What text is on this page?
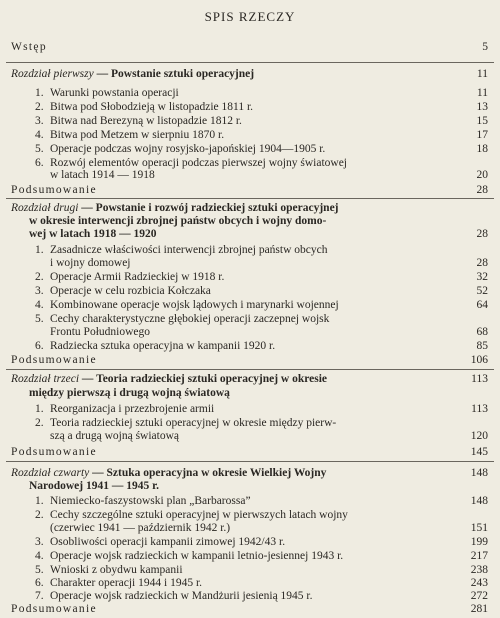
SPIS RZECZY
Wstęp	5
Rozdział pierwszy — Powstanie sztuki operacyjnej	11
1. Warunki powstania operacji	11
2. Bitwa pod Słobodzieją w listopadzie 1811 r.	13
3. Bitwa nad Berezyną w listopadzie 1812 r.	15
4. Bitwa pod Metzem w sierpniu 1870 r.	17
5. Operacje podczas wojny rosyjsko-japońskiej 1904—1905 r.	18
6. Rozwój elementów operacji podczas pierwszej wojny światowej
w latach 1914 — 1918	20
Podsumowanie	28
Rozdział drugi — Powstanie i rozwój radzieckiej sztuki operacyjnej
w okresie interwencji zbrojnej państw obcych i wojny domo-
wej w latach 1918 — 1920	28
1. Zasadnicze właściwości interwencji zbrojnej państw obcych
i wojny domowej	28
2. Operacje Armii Radzieckiej w 1918 r.	32
3. Operacje w celu rozbicia Kołczaka	52
4. Kombinowane operacje wojsk lądowych i marynarki wojennej	64
5. Cechy charakterystyczne głębokiej operacji zaczepnej wojsk
Frontu Południowego	68
6. Radziecka sztuka operacyjna w kampanii 1920 r.	85
Podsumowanie	106
Rozdział trzeci — Teoria radzieckiej sztuki operacyjnej w okresie	113
między pierwszą i drugą wojną światową
1. Reorganizacja i przezbrojenie armii	113
2. Teoria radzieckiej sztuki operacyjnej w okresie między pierw-
szą a drugą wojną światową	120
Podsumowanie	145
Rozdział czwarty — Sztuka operacyjna w okresie Wielkiej Wojny	148
Narodowej 1941 — 1945 r.
1. Niemiecko-faszystowski plan „Barbarossa”	148
2. Cechy szczególne sztuki operacyjnej w pierwszych latach wojny
(czerwiec 1941 — październik 1942 r.)	151
3. Osobliwości operacji kampanii zimowej 1942/43 r.	199
4. Operacje wojsk radzieckich w kampanii letnio-jesiennej 1943 r.	217
5. Wnioski z obydwu kampanii	238
6. Charakter operacji 1944 i 1945 r.	243
7. Operacje wojsk radzieckich w Mandżurii jesienią 1945 r.	272
Podsumowanie	281
